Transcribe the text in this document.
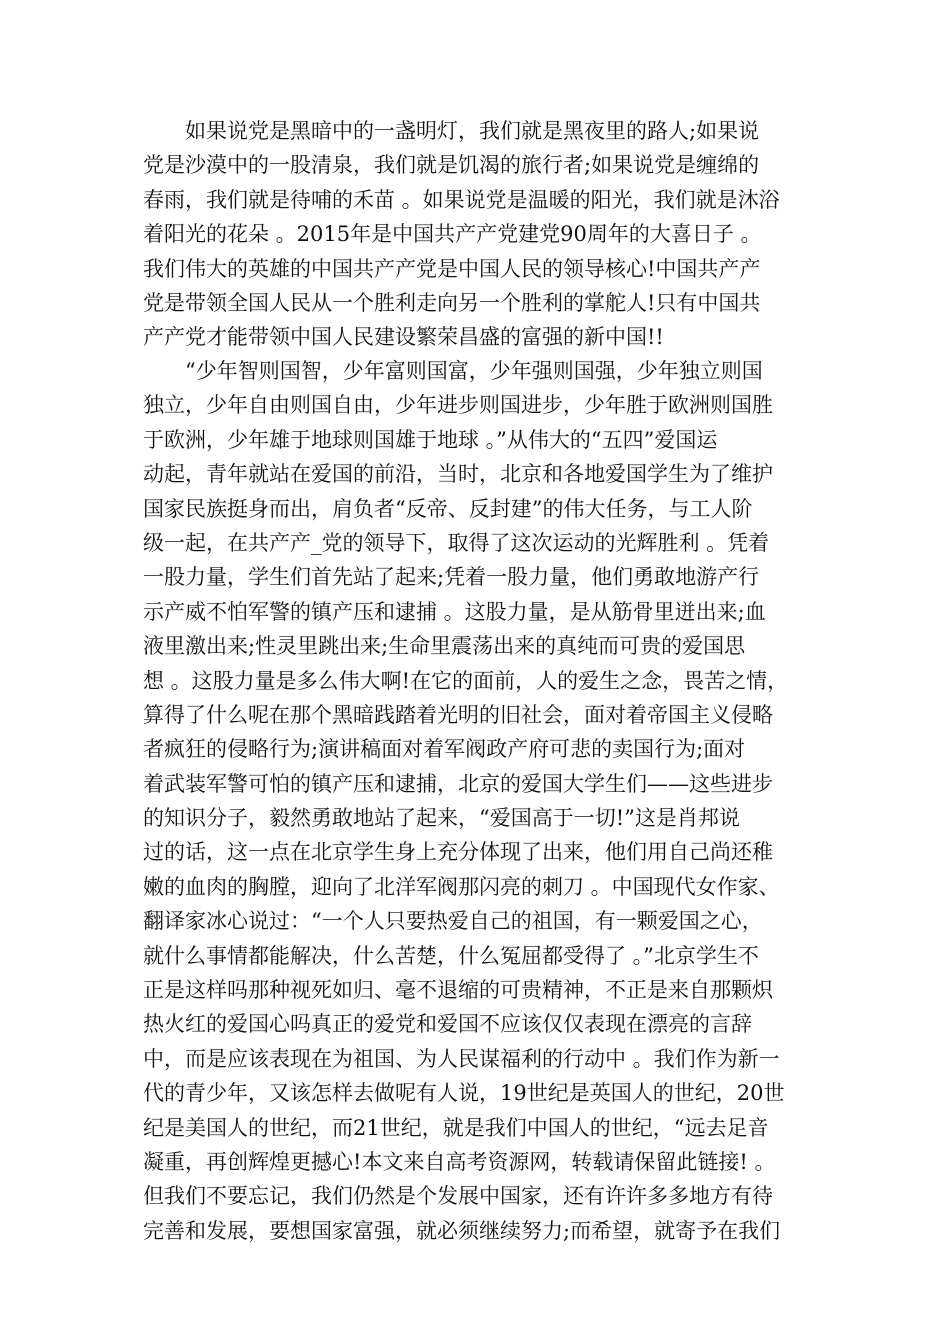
如果说党是黑暗中的一盏明灯，我们就是黑夜里的路人;如果说
党是沙漠中的一股清泉，我们就是饥渴的旅行者;如果说党是缠绵的
春雨，我们就是待哺的禾苗 。如果说党是温暖的阳光，我们就是沐浴
着阳光的花朵 。2015年是中国共产产党建党90周年的大喜日子 。
我们伟大的英雄的中国共产产党是中国人民的领导核心!中国共产产
党是带领全国人民从一个胜利走向另一个胜利的掌舵人!只有中国共
产产党才能带领中国人民建设繁荣昌盛的富强的新中国!!
“少年智则国智，少年富则国富，少年强则国强，少年独立则国
独立，少年自由则国自由，少年进步则国进步，少年胜于欧洲则国胜
于欧洲，少年雄于地球则国雄于地球 。”从伟大的“五四”爱国运
动起，青年就站在爱国的前沿，当时，北京和各地爱国学生为了维护
国家民族挺身而出，肩负者“反帝、反封建”的伟大任务，与工人阶
级一起，在共产产_党的领导下，取得了这次运动的光辉胜利 。凭着
一股力量，学生们首先站了起来;凭着一股力量，他们勇敢地游产行
示产威不怕军警的镇产压和逮捕 。这股力量，是从筋骨里迸出来;血
液里激出来;性灵里跳出来;生命里震荡出来的真纯而可贵的爱国思
想 。这股力量是多么伟大啊!在它的面前，人的爱生之念，畏苦之情，
算得了什么呢在那个黑暗践踏着光明的旧社会，面对着帝国主义侵略
者疯狂的侵略行为;演讲稿面对着军阀政产府可悲的卖国行为;面对
着武装军警可怕的镇产压和逮捕，北京的爱国大学生们——这些进步
的知识分子，毅然勇敢地站了起来，“爱国高于一切!”这是肖邦说
过的话，这一点在北京学生身上充分体现了出来，他们用自己尚还稚
嫩的血肉的胸膛，迎向了北洋军阀那闪亮的刺刀 。中国现代女作家、
翻译家冰心说过：“一个人只要热爱自己的祖国，有一颗爱国之心，
就什么事情都能解决，什么苦楚，什么冤屈都受得了 。”北京学生不
正是这样吗那种视死如归、毫不退缩的可贵精神，不正是来自那颗炽
热火红的爱国心吗真正的爱党和爱国不应该仅仅表现在漂亮的言辞
中，而是应该表现在为祖国、为人民谋福利的行动中 。我们作为新一
代的青少年，又该怎样去做呢有人说，19世纪是英国人的世纪，20世
纪是美国人的世纪，而21世纪，就是我们中国人的世纪，“远去足音
凝重，再创辉煌更撼心!本文来自高考资源网，转载请保留此链接! 。
但我们不要忘记，我们仍然是个发展中国家，还有许许多多地方有待
完善和发展，要想国家富强，就必须继续努力;而希望，就寄予在我们
